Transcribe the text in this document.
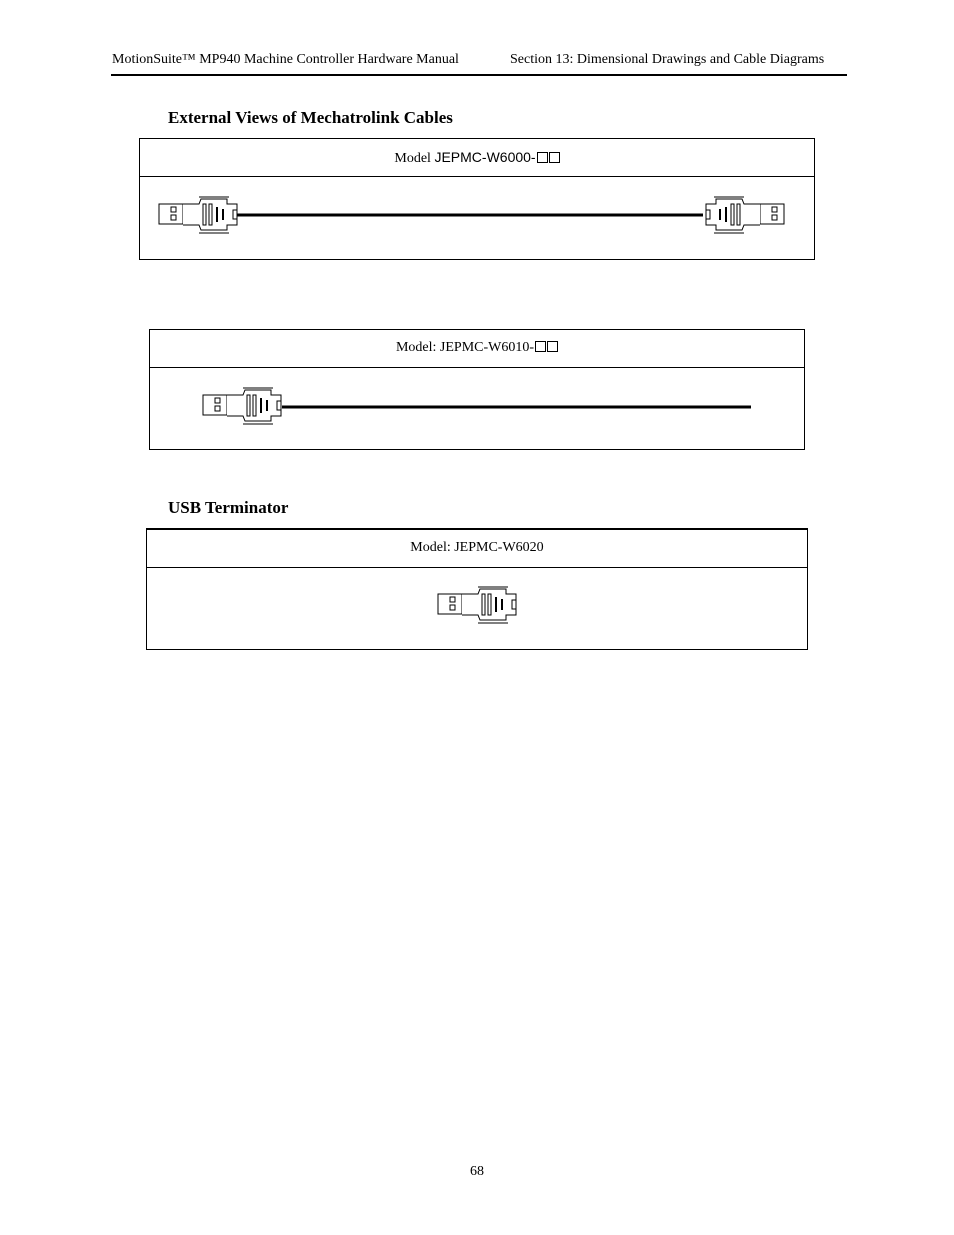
MotionSuite™ MP940 Machine Controller Hardware Manual	Section 13: Dimensional Drawings and Cable Diagrams
External Views of Mechatrolink Cables
Model JEPMC-W6000-
Model: JEPMC-W6010-
USB Terminator
Model: JEPMC-W6020
68
